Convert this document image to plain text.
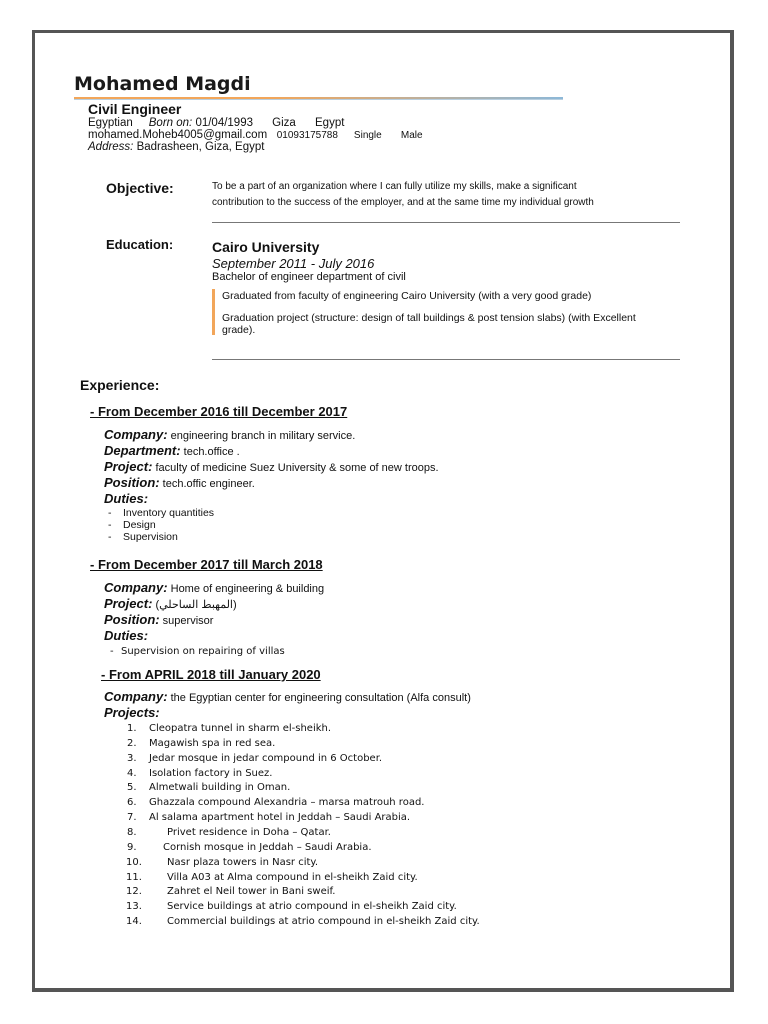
Mohamed Magdi
Civil Engineer
Egyptian Born on: 01/04/1993 Giza Egypt
mohamed.Moheb4005@gmail.com 01093175788 Single Male
Address: Badrasheen, Giza, Egypt
Objective:	To be a part of an organization where I can fully utilize my skills, make a significant
contribution to the success of the employer, and at the same time my individual growth
Education:	Cairo University
September 2011 - July 2016
Bachelor of engineer department of civil
Graduated from faculty of engineering Cairo University (with a very good grade)
Graduation project (structure: design of tall buildings & post tension slabs) (with Excellent
grade).
Experience:
- From December 2016 till December 2017
Company: engineering branch in military service.
Department: tech.office .
Project: faculty of medicine Suez University & some of new troops.
Position: tech.offic engineer.
Duties:
- Inventory quantities
- Design
- Supervision
- From December 2017 till March 2018
Company: Home of engineering & building
Project: (المهبط الساحلي)
Position: supervisor
Duties:
- Supervision on repairing of villas
- From APRIL 2018 till January 2020
Company: the Egyptian center for engineering consultation (Alfa consult)
Projects:
1. Cleopatra tunnel in sharm el-sheikh.
2. Magawish spa in red sea.
3. Jedar mosque in jedar compound in 6 October.
4. Isolation factory in Suez.
5. Almetwali building in Oman.
6. Ghazzala compound Alexandria – marsa matrouh road.
7. Al salama apartment hotel in Jeddah – Saudi Arabia.
8.	Privet residence in Doha – Qatar.
9.	Cornish mosque in Jeddah – Saudi Arabia.
10.	Nasr plaza towers in Nasr city.
11.	Villa A03 at Alma compound in el-sheikh Zaid city.
12.	Zahret el Neil tower in Bani sweif.
13.	Service buildings at atrio compound in el-sheikh Zaid city.
14.	Commercial buildings at atrio compound in el-sheikh Zaid city.
